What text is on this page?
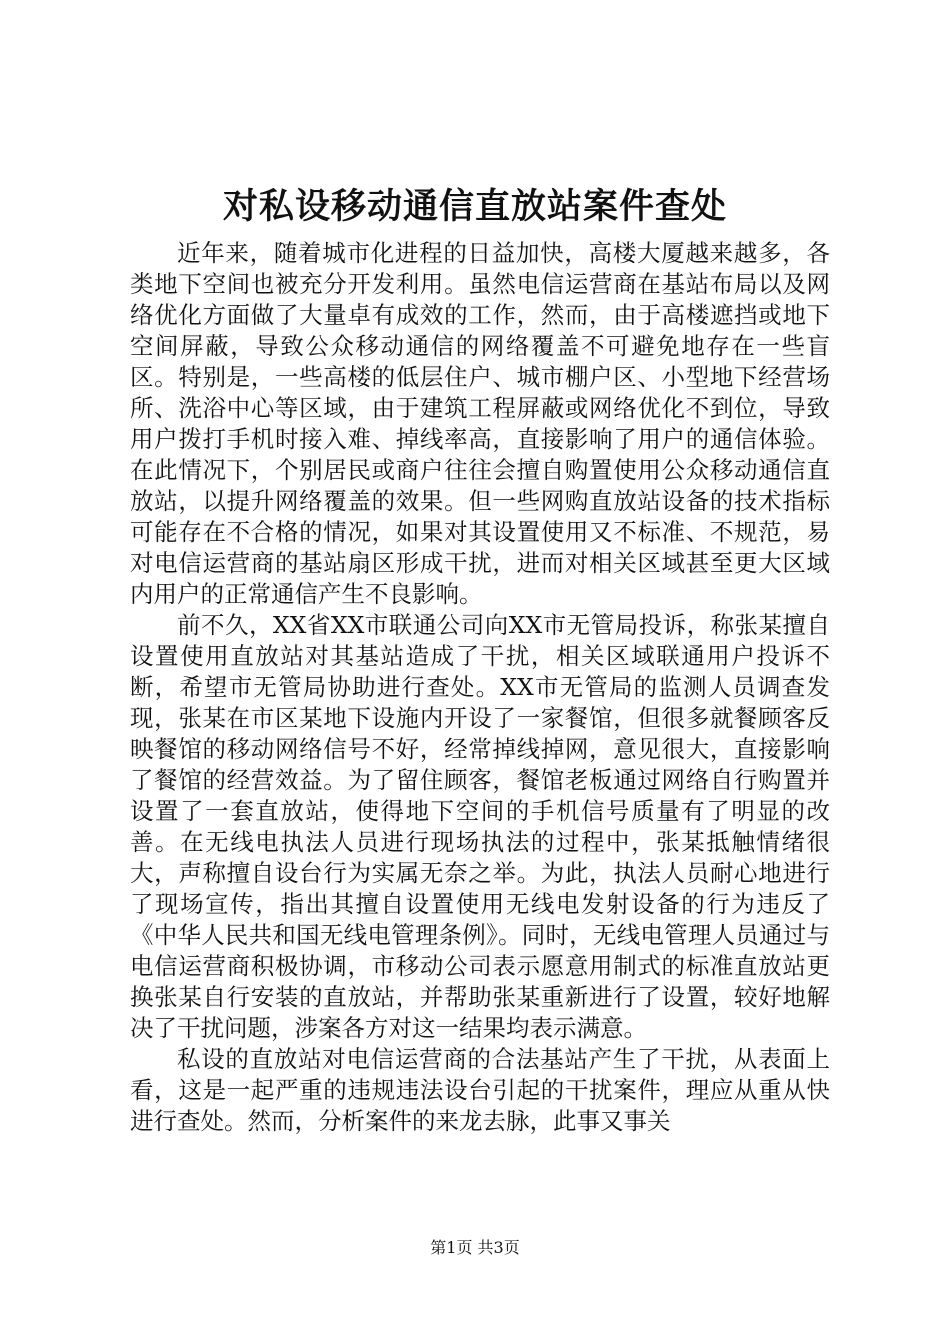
对私设移动通信直放站案件查处

近年来，随着城市化进程的日益加快，高楼大厦越来越多，各类地下空间也被充分开发利用。虽然电信运营商在基站布局以及网络优化方面做了大量卓有成效的工作，然而，由于高楼遮挡或地下空间屏蔽，导致公众移动通信的网络覆盖不可避免地存在一些盲区。特别是，一些高楼的低层住户、城市棚户区、小型地下经营场所、洗浴中心等区域，由于建筑工程屏蔽或网络优化不到位，导致用户拨打手机时接入难、掉线率高，直接影响了用户的通信体验。在此情况下，个别居民或商户往往会擅自购置使用公众移动通信直放站，以提升网络覆盖的效果。但一些网购直放站设备的技术指标可能存在不合格的情况，如果对其设置使用又不标准、不规范，易对电信运营商的基站扇区形成干扰，进而对相关区域甚至更大区域内用户的正常通信产生不良影响。

前不久，XX省XX市联通公司向XX市无管局投诉，称张某擅自设置使用直放站对其基站造成了干扰，相关区域联通用户投诉不断，希望市无管局协助进行查处。XX市无管局的监测人员调查发现，张某在市区某地下设施内开设了一家餐馆，但很多就餐顾客反映餐馆的移动网络信号不好，经常掉线掉网，意见很大，直接影响了餐馆的经营效益。为了留住顾客，餐馆老板通过网络自行购置并设置了一套直放站，使得地下空间的手机信号质量有了明显的改善。在无线电执法人员进行现场执法的过程中，张某抵触情绪很大，声称擅自设台行为实属无奈之举。为此，执法人员耐心地进行了现场宣传，指出其擅自设置使用无线电发射设备的行为违反了《中华人民共和国无线电管理条例》。同时，无线电管理人员通过与电信运营商积极协调，市移动公司表示愿意用制式的标准直放站更换张某自行安装的直放站，并帮助张某重新进行了设置，较好地解决了干扰问题，涉案各方对这一结果均表示满意。

私设的直放站对电信运营商的合法基站产生了干扰，从表面上看，这是一起严重的违规违法设台引起的干扰案件，理应从重从快进行查处。然而，分析案件的来龙去脉，此事又事关

第1页 共3页
